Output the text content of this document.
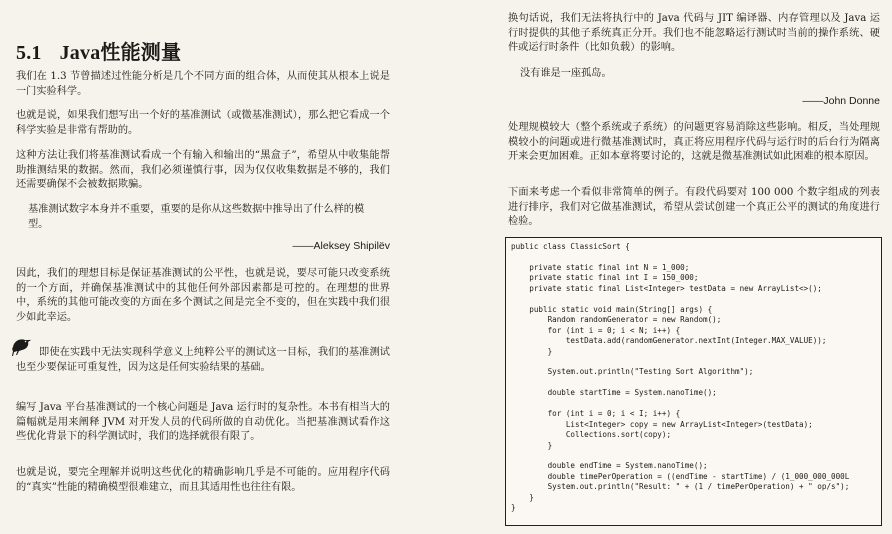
5.1 Java性能测量

我们在 1.3 节曾描述过性能分析是几个不同方面的组合体，从而使其从根本上说是一门实验科学。

也就是说，如果我们想写出一个好的基准测试（或微基准测试），那么把它看成一个科学实验是非常有帮助的。

这种方法让我们将基准测试看成一个有输入和输出的“黑盒子”，希望从中收集能帮助推测结果的数据。然而，我们必须谨慎行事，因为仅仅收集数据是不够的，我们还需要确保不会被数据欺骗。

基准测试数字本身并不重要，重要的是你从这些数据中推导出了什么样的模型。

——Aleksey Shipilёv

因此，我们的理想目标是保证基准测试的公平性，也就是说，要尽可能只改变系统的一个方面，并确保基准测试中的其他任何外部因素都是可控的。在理想的世界中，系统的其他可能改变的方面在多个测试之间是完全不变的，但在实践中我们很少如此幸运。

即使在实践中无法实现科学意义上纯粹公平的测试这一目标，我们的基准测试也至少要保证可重复性，因为这是任何实验结果的基础。

编写 Java 平台基准测试的一个核心问题是 Java 运行时的复杂性。本书有相当大的篇幅就是用来阐释 JVM 对开发人员的代码所做的自动优化。当把基准测试看作这些优化背景下的科学测试时，我们的选择就很有限了。

也就是说，要完全理解并说明这些优化的精确影响几乎是不可能的。应用程序代码的“真实”性能的精确模型很难建立，而且其适用性也往往有限。

换句话说，我们无法将执行中的 Java 代码与 JIT 编译器、内存管理以及 Java 运行时提供的其他子系统真正分开。我们也不能忽略运行测试时当前的操作系统、硬件或运行时条件（比如负载）的影响。

没有谁是一座孤岛。

——John Donne

处理规模较大（整个系统或子系统）的问题更容易消除这些影响。相反，当处理规模较小的问题或进行微基准测试时，真正将应用程序代码与运行时的后台行为隔离开来会更加困难。正如本章将要讨论的，这就是微基准测试如此困难的根本原因。

下面来考虑一个看似非常简单的例子。有段代码要对 100 000 个数字组成的列表进行排序，我们对它做基准测试，希望从尝试创建一个真正公平的测试的角度进行检验。

public class ClassicSort {
private static final int N = 1_000;
private static final int I = 150_000;
private static final List<Integer> testData = new ArrayList<>();
public static void main(String[] args) {
Random randomGenerator = new Random();
for (int i = 0; i < N; i++) {
testData.add(randomGenerator.nextInt(Integer.MAX_VALUE));
}
System.out.println("Testing Sort Algorithm");
double startTime = System.nanoTime();
for (int i = 0; i < I; i++) {
List<Integer> copy = new ArrayList<Integer>(testData);
Collections.sort(copy);
}
double endTime = System.nanoTime();
double timePerOperation = ((endTime - startTime) / (1_000_000_000L
System.out.println("Result: " + (1 / timePerOperation) + " op/s");
}
}
